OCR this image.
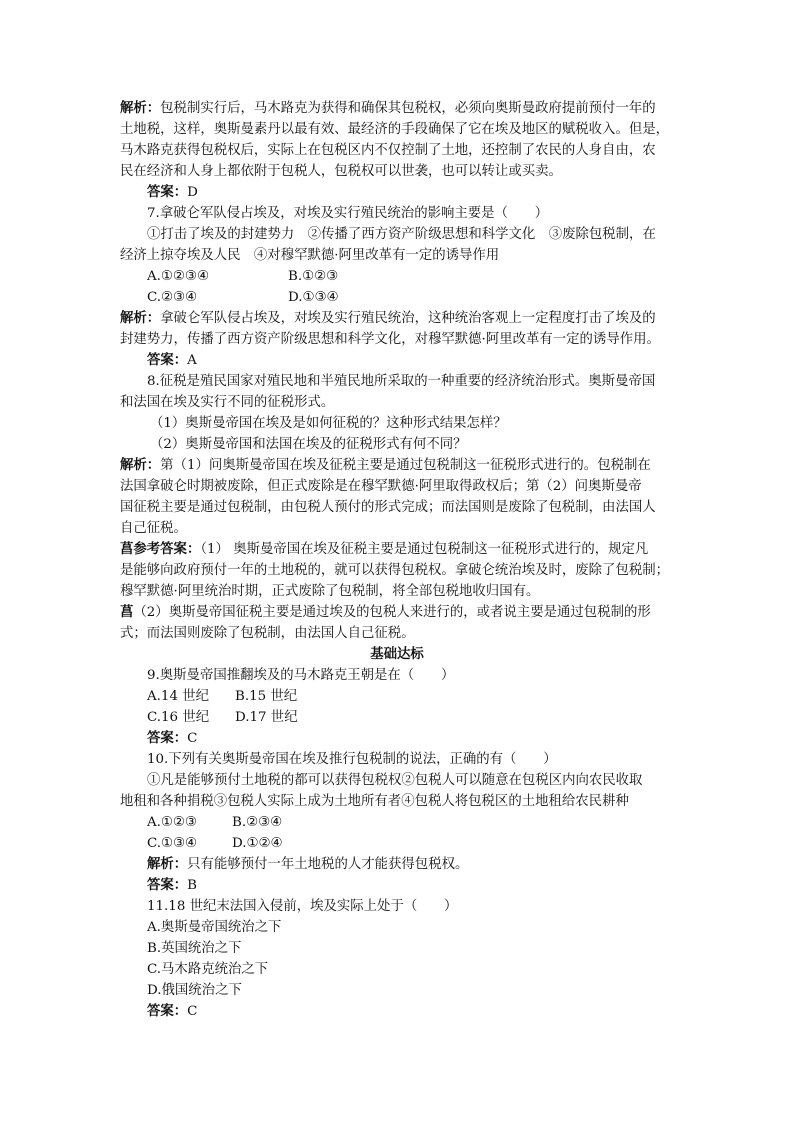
解析：包税制实行后，马木路克为获得和确保其包税权，必须向奥斯曼政府提前预付一年的
土地税，这样，奥斯曼素丹以最有效、最经济的手段确保了它在埃及地区的赋税收入。但是，
马木路克获得包税权后，实际上在包税区内不仅控制了土地，还控制了农民的人身自由，农
民在经济和人身上都依附于包税人，包税权可以世袭，也可以转让或买卖。
答案：D
7.拿破仑军队侵占埃及，对埃及实行殖民统治的影响主要是（　　）
①打击了埃及的封建势力　②传播了西方资产阶级思想和科学文化　③废除包税制，在
经济上掠夺埃及人民　④对穆罕默德·阿里改革有一定的诱导作用
A.①②③④	B.①②③
C.②③④	D.①③④
解析：拿破仑军队侵占埃及，对埃及实行殖民统治，这种统治客观上一定程度打击了埃及的
封建势力，传播了西方资产阶级思想和科学文化，对穆罕默德·阿里改革有一定的诱导作用。
答案：A
8.征税是殖民国家对殖民地和半殖民地所采取的一种重要的经济统治形式。奥斯曼帝国
和法国在埃及实行不同的征税形式。
（1）奥斯曼帝国在埃及是如何征税的？这种形式结果怎样？
（2）奥斯曼帝国和法国在埃及的征税形式有何不同？
解析：第（1）问奥斯曼帝国在埃及征税主要是通过包税制这一征税形式进行的。包税制在
法国拿破仑时期被废除，但正式废除是在穆罕默德·阿里取得政权后；第（2）问奥斯曼帝
国征税主要是通过包税制，由包税人预付的形式完成；而法国则是废除了包税制，由法国人
自己征税。
菖参考答案：（1） 奥斯曼帝国在埃及征税主要是通过包税制这一征税形式进行的，规定凡
是能够向政府预付一年的土地税的，就可以获得包税权。拿破仑统治埃及时，废除了包税制；
穆罕默德·阿里统治时期，正式废除了包税制，将全部包税地收归国有。
菖（2）奥斯曼帝国征税主要是通过埃及的包税人来进行的，或者说主要是通过包税制的形
式；而法国则废除了包税制，由法国人自己征税。
基础达标
9.奥斯曼帝国推翻埃及的马木路克王朝是在（　　）
A.14 世纪 B.15 世纪
C.16 世纪 D.17 世纪
答案：C
10.下列有关奥斯曼帝国在埃及推行包税制的说法，正确的有（　　）
①凡是能够预付土地税的都可以获得包税权②包税人可以随意在包税区内向农民收取
地租和各种捐税③包税人实际上成为土地所有者④包税人将包税区的土地租给农民耕种
A.①②③	B.②③④
C.①③④	D.①②④
解析：只有能够预付一年土地税的人才能获得包税权。
答案：B
11.18 世纪末法国入侵前，埃及实际上处于（　　）
A.奥斯曼帝国统治之下
B.英国统治之下
C.马木路克统治之下
D.俄国统治之下
答案：C
